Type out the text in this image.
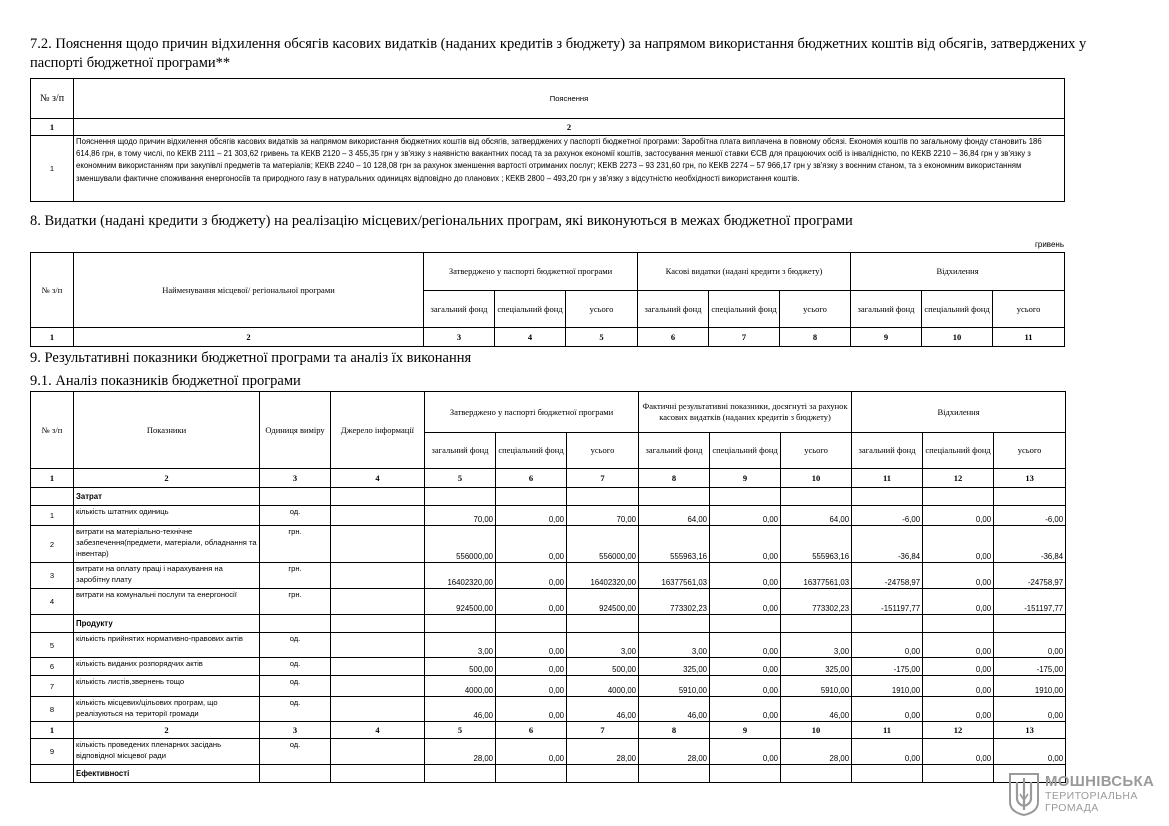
7.2. Пояснення щодо причин відхилення обсягів касових видатків (наданих кредитів з бюджету) за напрямом використання бюджетних коштів від обсягів, затверджених у паспорті бюджетної програми**
№ з/п	Пояснення
1	2
1	Пояснення щодо причин відхилення обсягів касових видатків за напрямом використання бюджетних коштів від обсягів, затверджених у паспорті бюджетної програми: Заробітна плата виплачена в повному обсязі. Економія коштів по загальному фонду становить 186 614,86 грн, в тому числі, по КЕКВ 2111 – 21 303,62 гривень та КЕКВ 2120 – 3 455,35 грн у зв'язку з наявністю вакантних посад та за рахунок економії коштів, застосування меншої ставки ЄСВ для працюючих осіб із інвалідністю, по КЕКВ 2210 – 36,84 грн у зв'язку з економним використанням при закупівлі предметів та матеріалів; КЕКВ 2240 – 10 128,08 грн за рахунок зменшення вартості отриманих послуг; КЕКВ 2273 – 93 231,60 грн, по КЕКВ 2274 – 57 966,17 грн у зв'язку з воєнним станом, та з економним використанням зменшували фактичне споживання енергоносіїв та природного газу в натуральних одиницях відповідно до планових ; КЕКВ 2800 – 493,20 грн у зв'язку з відсутністю необхідності використання коштів.
8. Видатки (надані кредити з бюджету) на реалізацію місцевих/регіональних програм, які виконуються в межах бюджетної програми
гривень
№ з/п	Найменування місцевої/ регіональної програми	Затверджено у паспорті бюджетної програми			Касові видатки (надані кредити з бюджету)			Відхилення		
		загальний фонд	спеціальний фонд	усього	загальний фонд	спеціальний фонд	усього	загальний фонд	спеціальний фонд	усього
1	2	3	4	5	6	7	8	9	10	11
9. Результативні показники бюджетної програми та аналіз їх виконання
9.1. Аналіз показників бюджетної програми
№ з/п	Показники	Одиниця виміру	Джерело інформації	Затверджено у паспорті бюджетної програми			Фактичні результативні показники, досягнуті за рахунок касових видатків (наданих кредитів з бюджету)			Відхилення		
				загальний фонд	спеціальний фонд	усього	загальний фонд	спеціальний фонд	усього	загальний фонд	спеціальний фонд	усього
1	2	3	4	5	6	7	8	9	10	11	12	13
	Затрат											
1	кількість штатних одиниць	од.		70,00	0,00	70,00	64,00	0,00	64,00	-6,00	0,00	-6,00
2	витрати на матеріально-технічне забезпечення(предмети, матеріали, обладнання та інвентар)	грн.		556000,00	0,00	556000,00	555963,16	0,00	555963,16	-36,84	0,00	-36,84
3	витрати на оплату праці і нарахування на заробітну плату	грн.		16402320,00	0,00	16402320,00	16377561,03	0,00	16377561,03	-24758,97	0,00	-24758,97
4	витрати на комунальні послуги та енергоносії	грн.		924500,00	0,00	924500,00	773302,23	0,00	773302,23	-151197,77	0,00	-151197,77
	Продукту											
5	кількість прийнятих нормативно-правових актів	од.		3,00	0,00	3,00	3,00	0,00	3,00	0,00	0,00	0,00
6	кількість виданих розпорядчих актів	од.		500,00	0,00	500,00	325,00	0,00	325,00	-175,00	0,00	-175,00
7	кількість листів,звернень тощо	од.		4000,00	0,00	4000,00	5910,00	0,00	5910,00	1910,00	0,00	1910,00
8	кількість місцевих/цільових програм, що реалізуються на території громади	од.		46,00	0,00	46,00	46,00	0,00	46,00	0,00	0,00	0,00
1	2	3	4	5	6	7	8	9	10	11	12	13
9	кількість проведених пленарних засідань відповідної місцевої ради	од.		28,00	0,00	28,00	28,00	0,00	28,00	0,00	0,00	0,00
	Ефективності												МОШНІВСЬКА
ТЕРИТОРІАЛЬНА
ГРОМАДА
